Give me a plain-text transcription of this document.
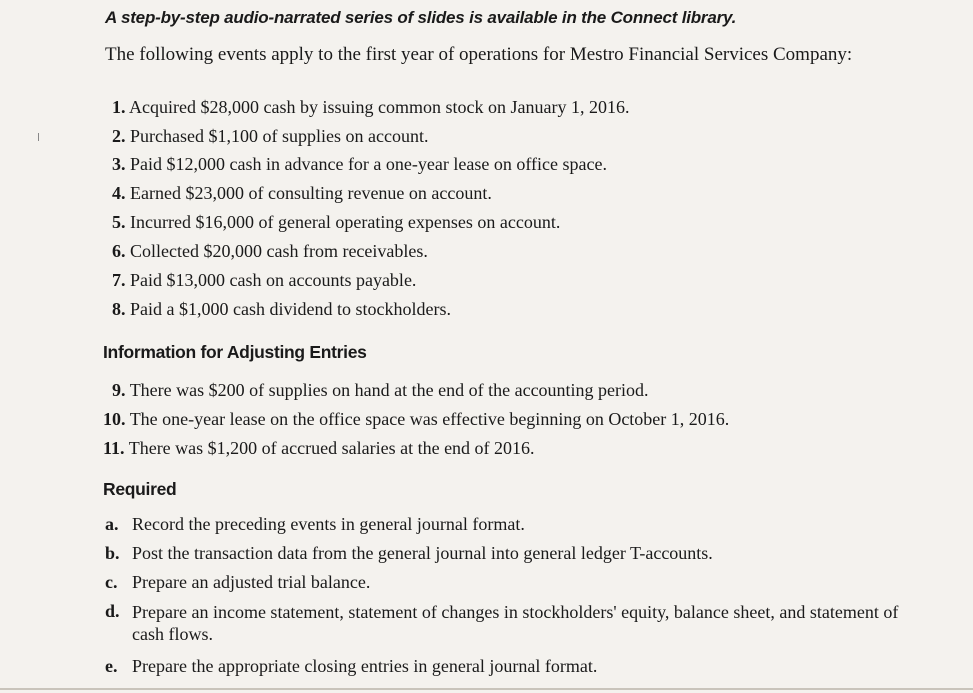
A step-by-step audio-narrated series of slides is available in the Connect library.
The following events apply to the first year of operations for Mestro Financial Services Company:
1. Acquired $28,000 cash by issuing common stock on January 1, 2016.
2. Purchased $1,100 of supplies on account.
3. Paid $12,000 cash in advance for a one-year lease on office space.
4. Earned $23,000 of consulting revenue on account.
5. Incurred $16,000 of general operating expenses on account.
6. Collected $20,000 cash from receivables.
7. Paid $13,000 cash on accounts payable.
8. Paid a $1,000 cash dividend to stockholders.
Information for Adjusting Entries
9. There was $200 of supplies on hand at the end of the accounting period.
10. The one-year lease on the office space was effective beginning on October 1, 2016.
11. There was $1,200 of accrued salaries at the end of 2016.
Required
a. Record the preceding events in general journal format.
b. Post the transaction data from the general journal into general ledger T-accounts.
c. Prepare an adjusted trial balance.
d. Prepare an income statement, statement of changes in stockholders' equity, balance sheet, and statement of cash flows.
e. Prepare the appropriate closing entries in general journal format.
